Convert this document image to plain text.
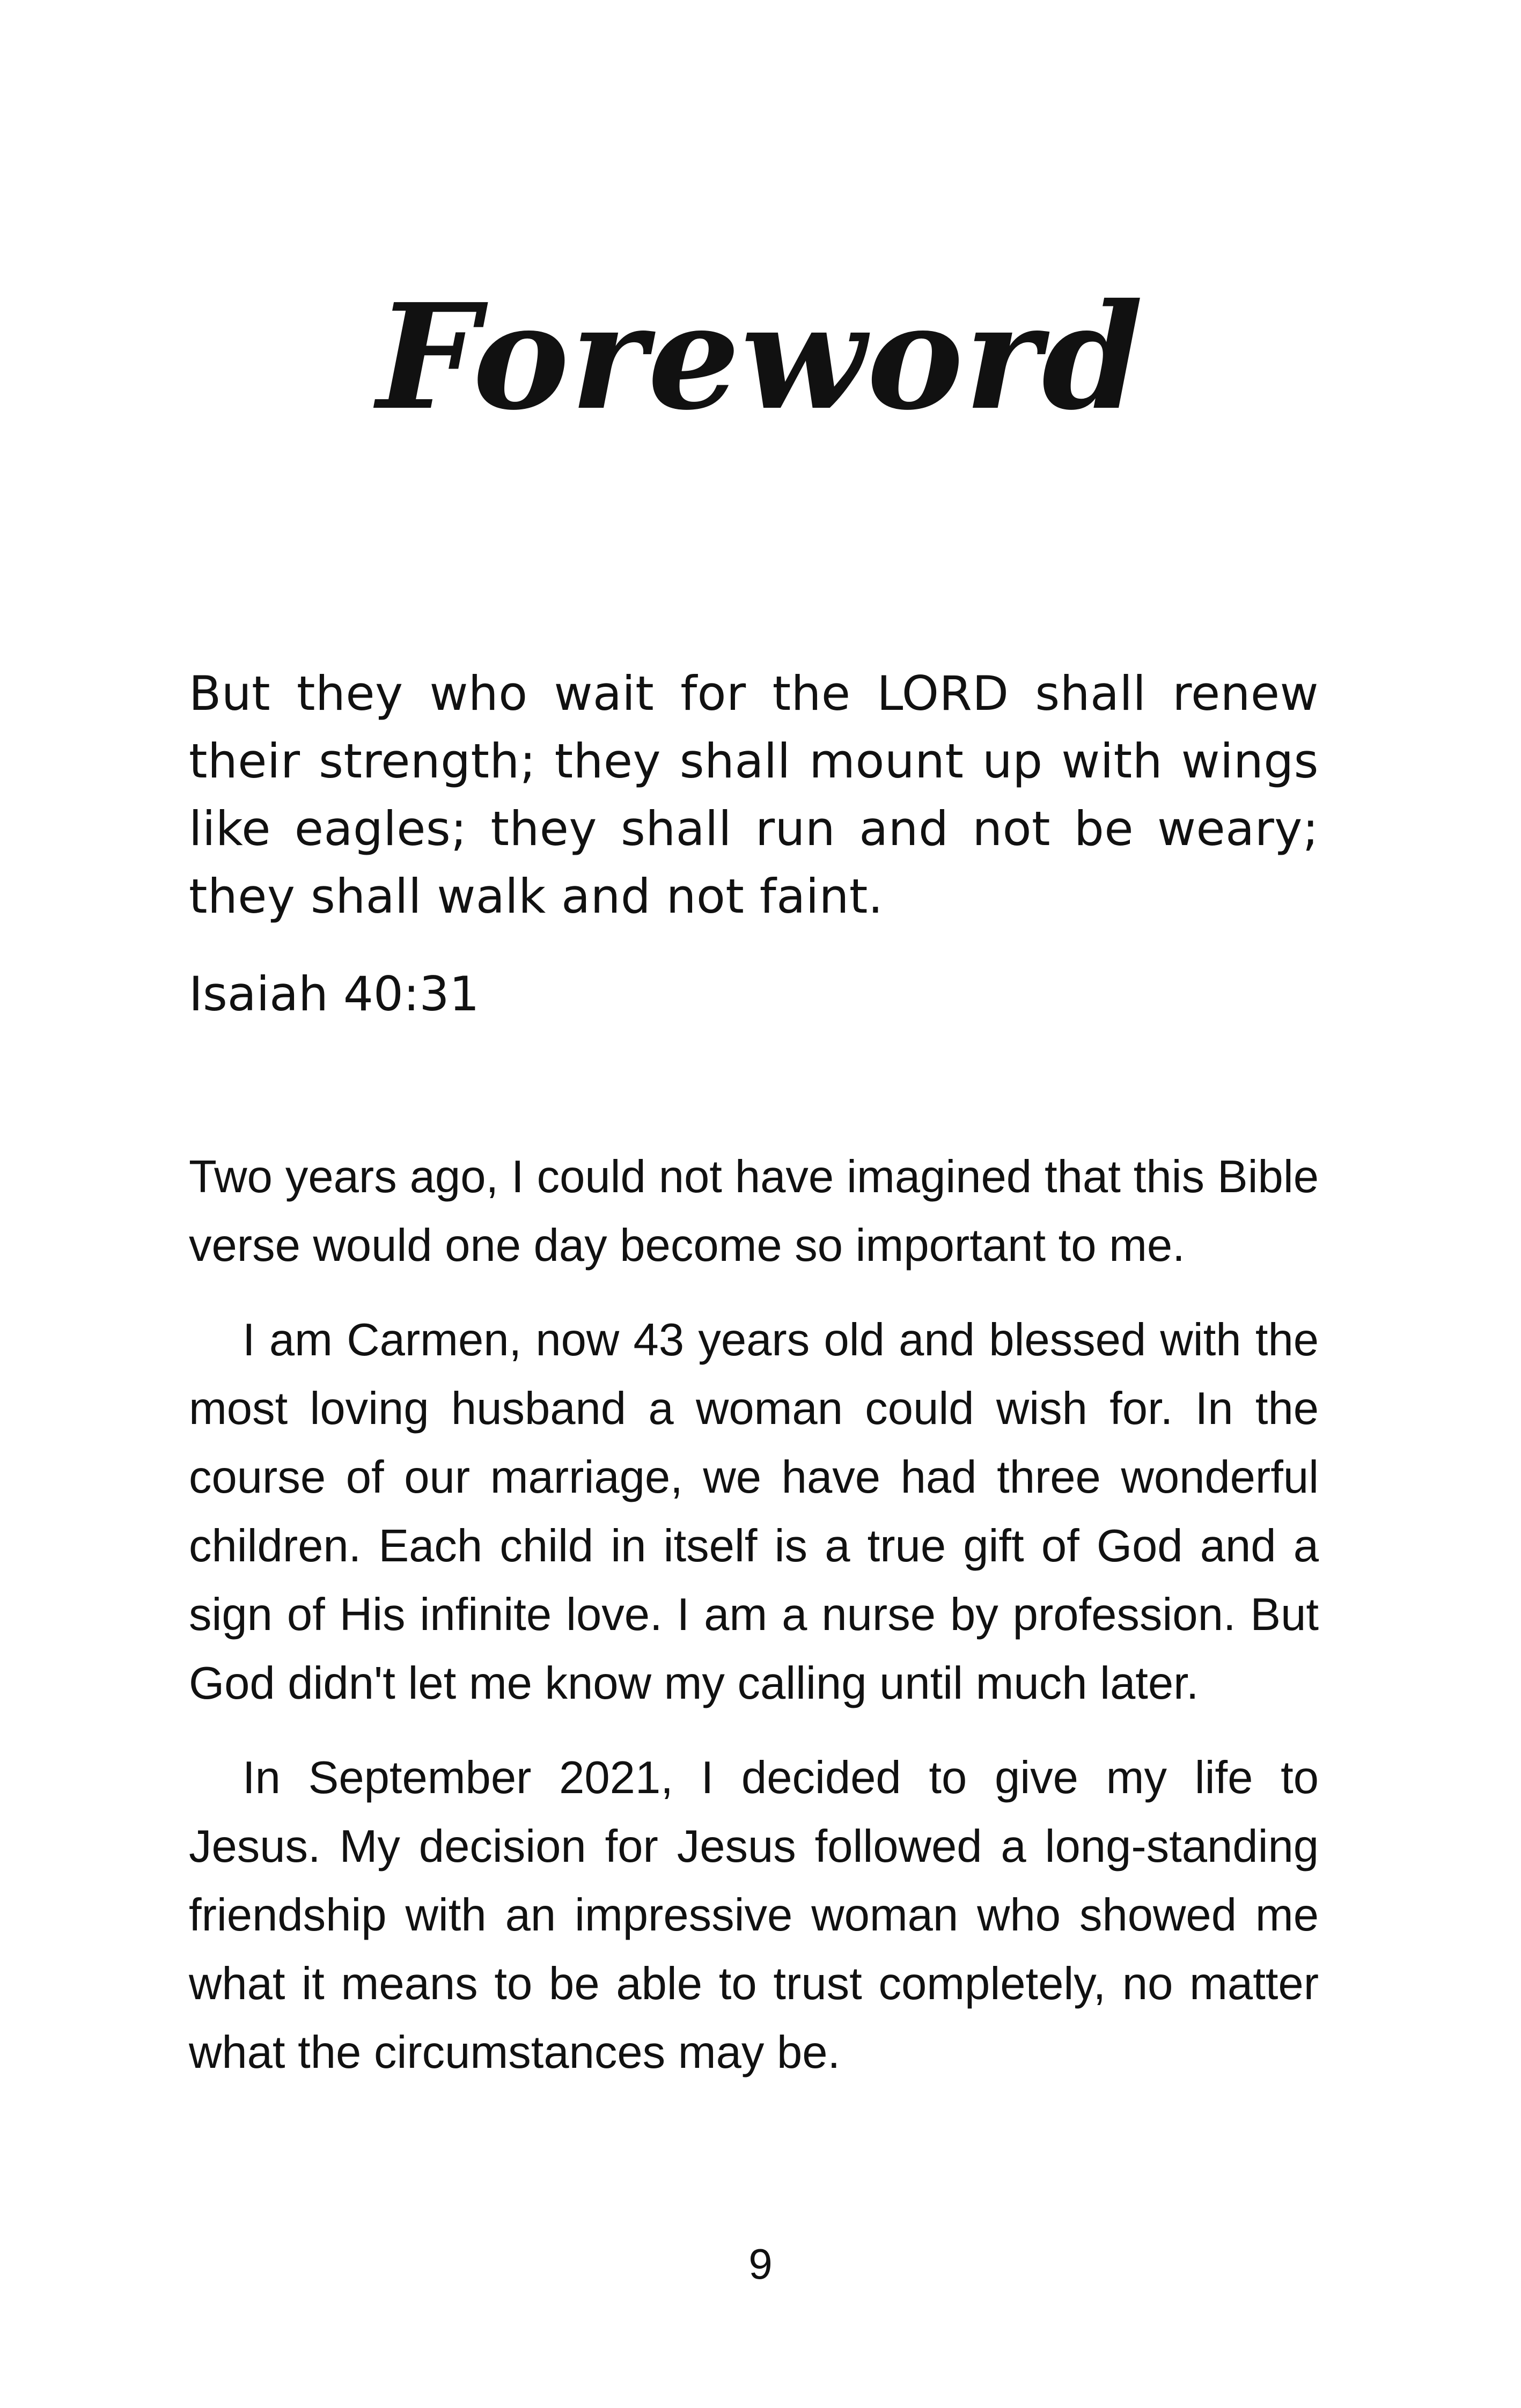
Foreword

But they who wait for the LORD shall renew their strength; they shall mount up with wings like eagles; they shall run and not be weary; they shall walk and not faint.

Isaiah 40:31

Two years ago, I could not have imagined that this Bible verse would one day become so important to me.

I am Carmen, now 43 years old and blessed with the most loving husband a woman could wish for. In the course of our marriage, we have had three wonderful children. Each child in itself is a true gift of God and a sign of His infinite love. I am a nurse by profession. But God didn't let me know my calling until much later.

In September 2021, I decided to give my life to Jesus. My decision for Jesus followed a long-standing friendship with an impressive woman who showed me what it means to be able to trust completely, no matter what the circumstances may be.

9
